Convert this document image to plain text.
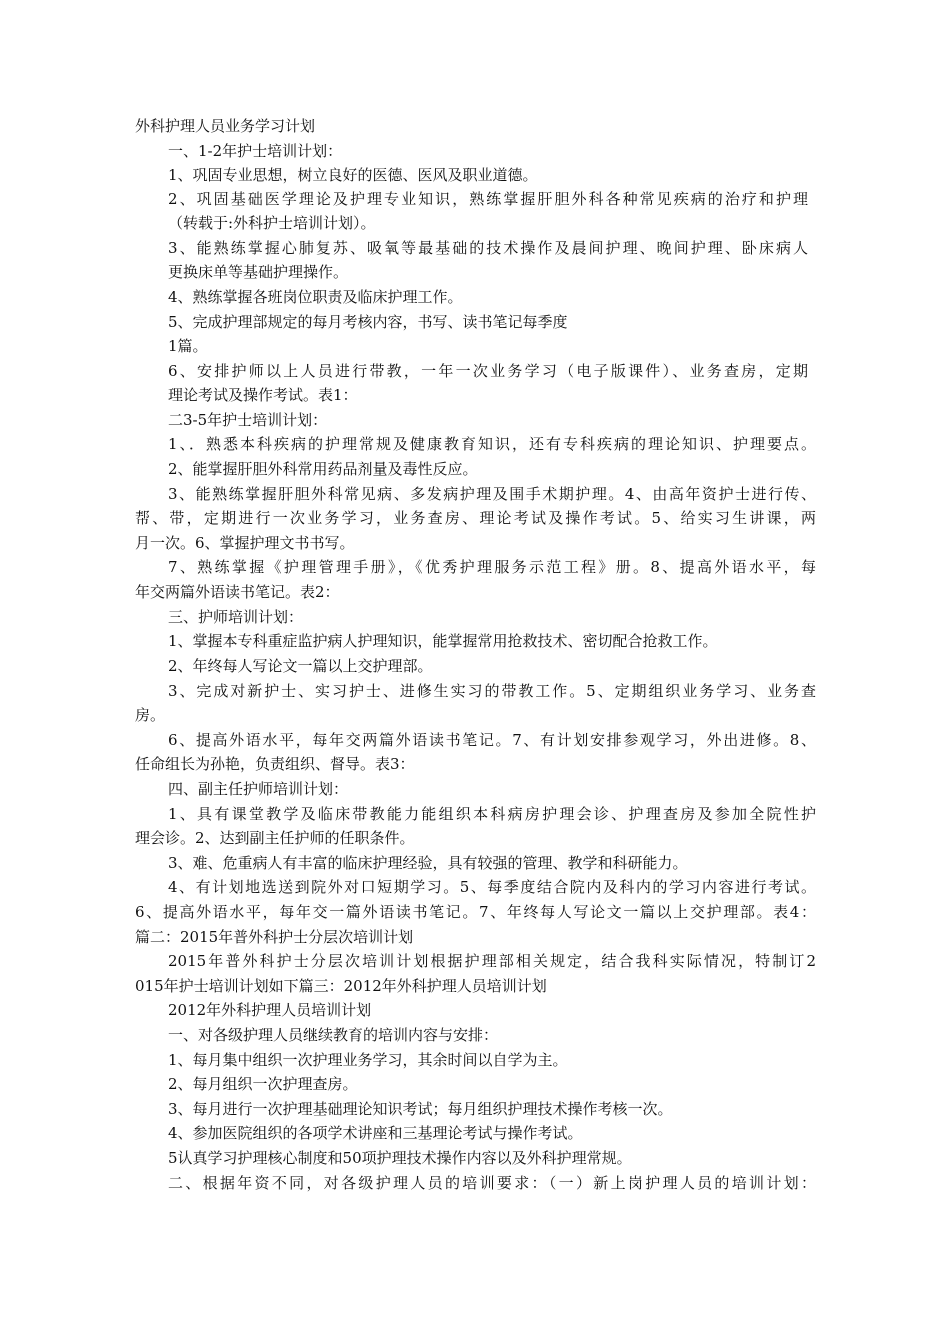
外科护理人员业务学习计划
一、1-2年护士培训计划：
1、巩固专业思想，树立良好的医德、医风及职业道德。
2、巩固基础医学理论及护理专业知识，熟练掌握肝胆外科各种常见疾病的治疗和护理
（转载于:外科护士培训计划）。
3、能熟练掌握心肺复苏、吸氧等最基础的技术操作及晨间护理、晚间护理、卧床病人
更换床单等基础护理操作。
4、熟练掌握各班岗位职责及临床护理工作。
5、完成护理部规定的每月考核内容，书写、读书笔记每季度
1篇。
6、安排护师以上人员进行带教，一年一次业务学习（电子版课件）、业务查房，定期
理论考试及操作考试。表1：
二3-5年护士培训计划：
1、．熟悉本科疾病的护理常规及健康教育知识，还有专科疾病的理论知识、护理要点。
2、能掌握肝胆外科常用药品剂量及毒性反应。
3、能熟练掌握肝胆外科常见病、多发病护理及围手术期护理。4、由高年资护士进行传、
帮、带，定期进行一次业务学习，业务查房、理论考试及操作考试。5、给实习生讲课，两
月一次。6、掌握护理文书书写。
7、熟练掌握《护理管理手册》，《优秀护理服务示范工程》册。8、提高外语水平，每
年交两篇外语读书笔记。表2：
三、护师培训计划：
1、掌握本专科重症监护病人护理知识，能掌握常用抢救技术、密切配合抢救工作。
2、年终每人写论文一篇以上交护理部。
3、完成对新护士、实习护士、进修生实习的带教工作。5、定期组织业务学习、业务查
房。
6、提高外语水平，每年交两篇外语读书笔记。7、有计划安排参观学习，外出进修。8、
任命组长为孙艳，负责组织、督导。表3：
四、副主任护师培训计划：
1、具有课堂教学及临床带教能力能组织本科病房护理会诊、护理查房及参加全院性护
理会诊。2、达到副主任护师的任职条件。
3、难、危重病人有丰富的临床护理经验，具有较强的管理、教学和科研能力。
4、有计划地选送到院外对口短期学习。5、每季度结合院内及科内的学习内容进行考试。
6、提高外语水平，每年交一篇外语读书笔记。7、年终每人写论文一篇以上交护理部。表4：
篇二：2015年普外科护士分层次培训计划
2015年普外科护士分层次培训计划根据护理部相关规定，结合我科实际情况，特制订2
015年护士培训计划如下篇三：2012年外科护理人员培训计划
2012年外科护理人员培训计划
一、对各级护理人员继续教育的培训内容与安排：
1、每月集中组织一次护理业务学习，其余时间以自学为主。
2、每月组织一次护理查房。
3、每月进行一次护理基础理论知识考试；每月组织护理技术操作考核一次。
4、参加医院组织的各项学术讲座和三基理论考试与操作考试。
5认真学习护理核心制度和50项护理技术操作内容以及外科护理常规。
二、根据年资不同，对各级护理人员的培训要求：（一）新上岗护理人员的培训计划：
